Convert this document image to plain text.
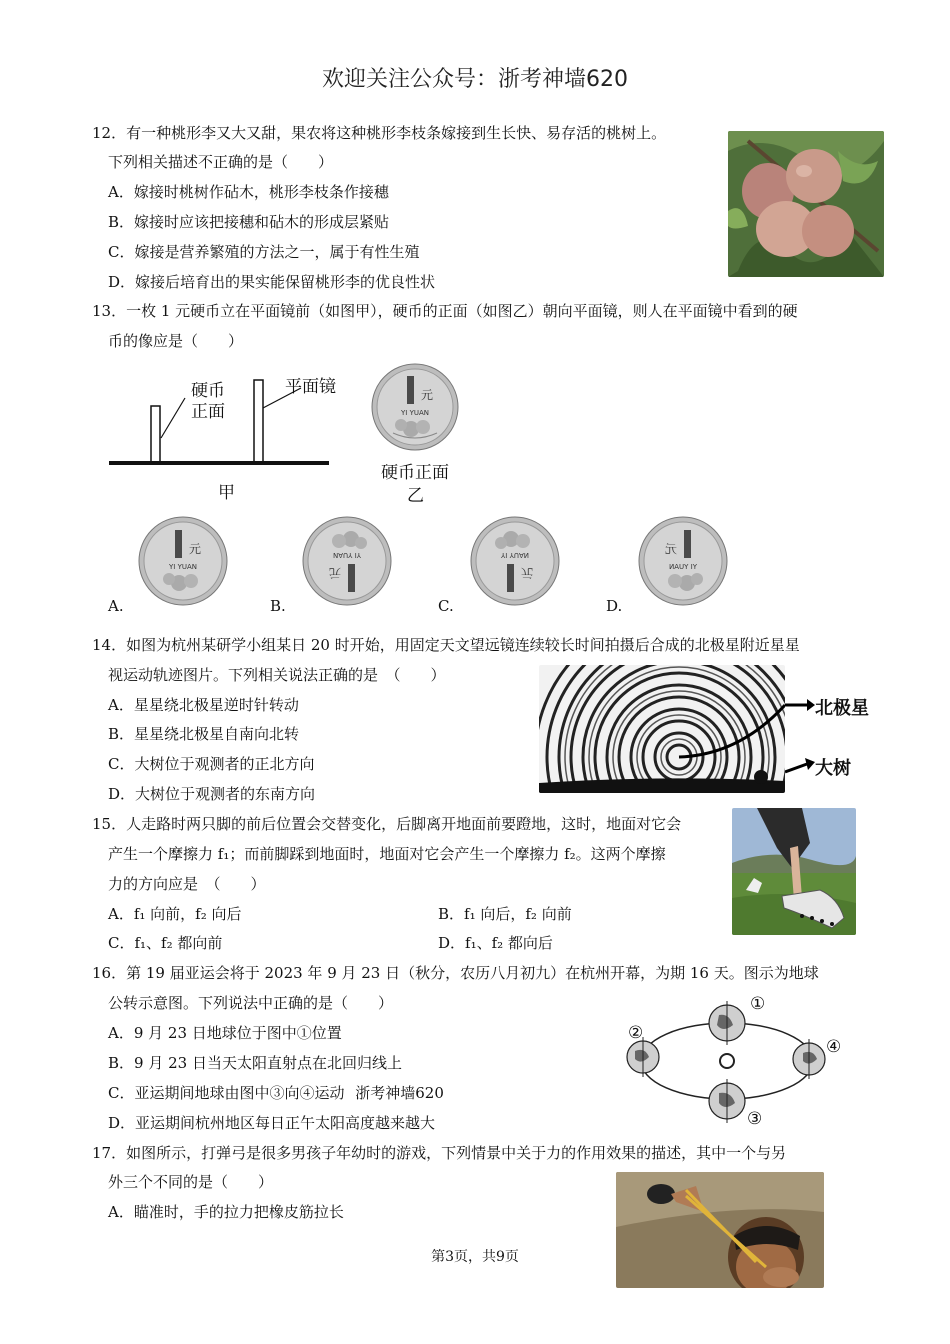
欢迎关注公众号：浙考神墙620
12．有一种桃形李又大又甜，果农将这种桃形李枝条嫁接到生长快、易存活的桃树上。
下列相关描述不正确的是（　　）
A．嫁接时桃树作砧木，桃形李枝条作接穗
B．嫁接时应该把接穗和砧木的形成层紧贴
C．嫁接是营养繁殖的方法之一，属于有性生殖
D．嫁接后培育出的果实能保留桃形李的优良性状
13．一枚 1 元硬币立在平面镜前（如图甲），硬币的正面（如图乙）朝向平面镜，则人在平面镜中看到的硬
币的像应是（　　）
硬币
正面
平面镜
甲
元
YI YUAN
硬币正面
乙
元
YI YUAN	元
YI YUAN
元
YI YUAN	元
YI YUAN
A.	B.	C.	D.
14．如图为杭州某研学小组某日 20 时开始，用固定天文望远镜连续较长时间拍摄后合成的北极星附近星星
视运动轨迹图片。下列相关说法正确的是　（　　）
A．星星绕北极星逆时针转动
B．星星绕北极星自南向北转
C．大树位于观测者的正北方向
D．大树位于观测者的东南方向
北极星
大树
15．人走路时两只脚的前后位置会交替变化，后脚离开地面前要蹬地，这时，地面对它会
产生一个摩擦力 f₁；而前脚踩到地面时，地面对它会产生一个摩擦力 f₂。这两个摩擦
力的方向应是　（　　）
A．f₁ 向前，f₂ 向后	B．f₁ 向后，f₂ 向前
C．f₁、f₂ 都向前	D．f₁、f₂ 都向后
16．第 19 届亚运会将于 2023 年 9 月 23 日（秋分，农历八月初九）在杭州开幕，为期 16 天。图示为地球
公转示意图。下列说法中正确的是（　　）
A．9 月 23 日地球位于图中①位置
B．9 月 23 日当天太阳直射点在北回归线上
C．亚运期间地球由图中③向④运动 浙考神墙620
D．亚运期间杭州地区每日正午太阳高度越来越大
①
②
③
④
17．如图所示，打弹弓是很多男孩子年幼时的游戏，下列情景中关于力的作用效果的描述，其中一个与另
外三个不同的是（　　）
A．瞄准时，手的拉力把橡皮筋拉长
第3页，共9页
